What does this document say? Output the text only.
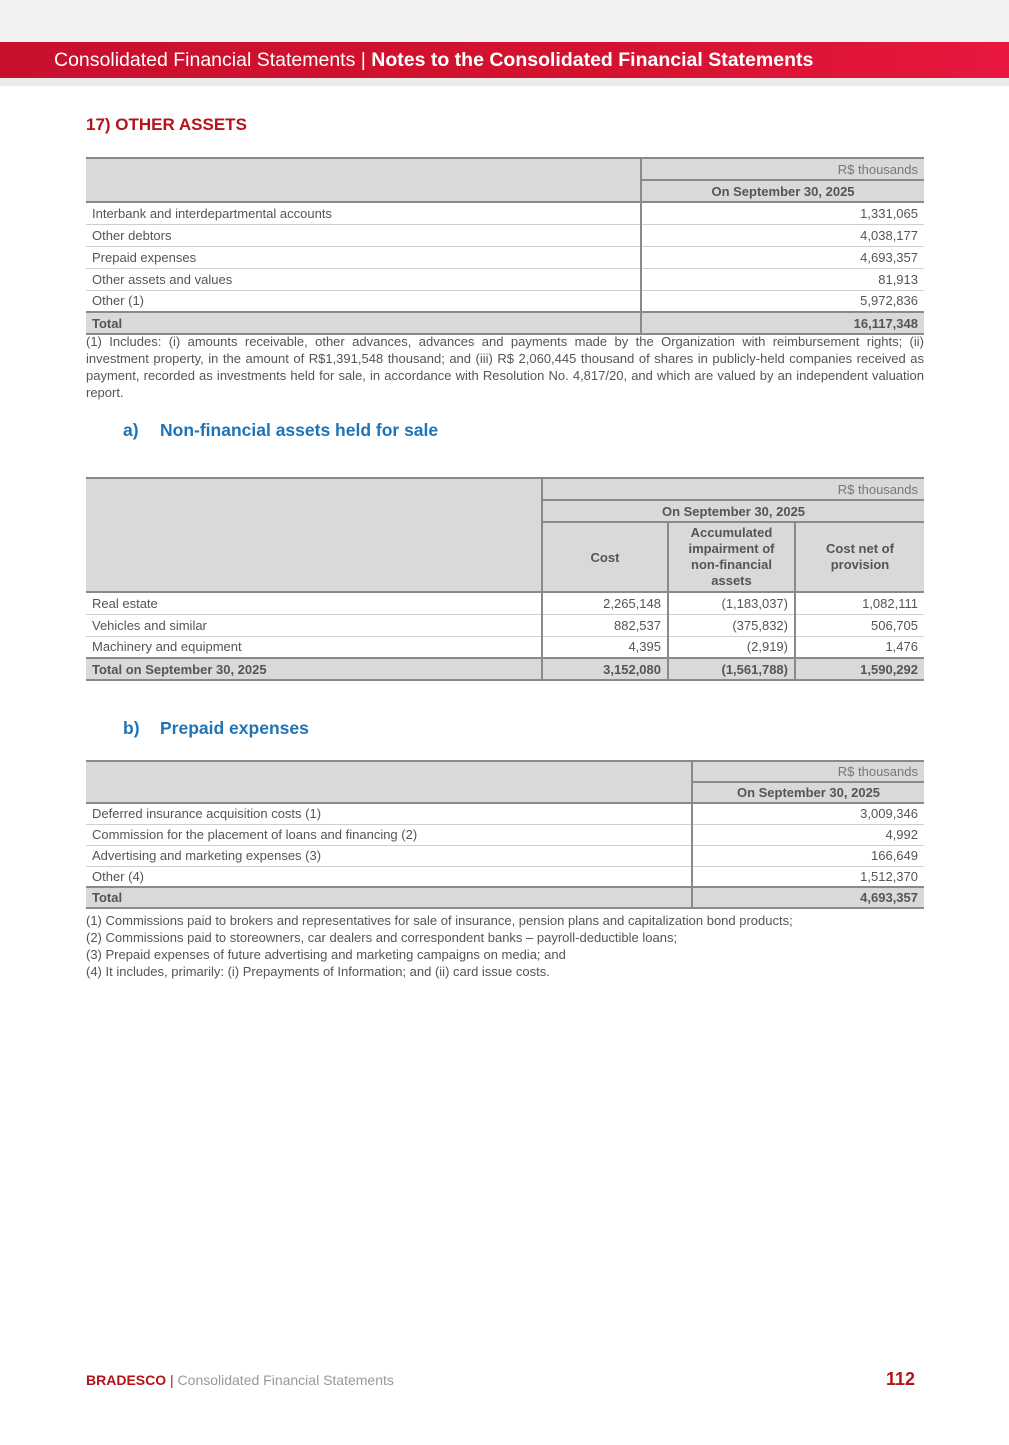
Consolidated Financial Statements | Notes to the Consolidated Financial Statements
17) OTHER ASSETS
	R$ thousands
	On September 30, 2025
Interbank and interdepartmental accounts	1,331,065
Other debtors	4,038,177
Prepaid expenses	4,693,357
Other assets and values	81,913
Other (1)	5,972,836
Total	16,117,348
(1) Includes: (i) amounts receivable, other advances, advances and payments made by the Organization with reimbursement rights; (ii) investment property, in the amount of R$1,391,548 thousand; and (iii) R$ 2,060,445 thousand of shares in publicly-held companies received as payment, recorded as investments held for sale, in accordance with Resolution No. 4,817/20, and which are valued by an independent valuation report.
a) Non-financial assets held for sale
	R$ thousands		
	On September 30, 2025		
	Cost	Accumulated impairment of non-financial assets	Cost net of provision
Real estate	2,265,148	(1,183,037)	1,082,111
Vehicles and similar	882,537	(375,832)	506,705
Machinery and equipment	4,395	(2,919)	1,476
Total on September 30, 2025	3,152,080	(1,561,788)	1,590,292
b) Prepaid expenses
	R$ thousands
	On September 30, 2025
Deferred insurance acquisition costs (1)	3,009,346
Commission for the placement of loans and financing (2)	4,992
Advertising and marketing expenses (3)	166,649
Other (4)	1,512,370
Total	4,693,357
(1) Commissions paid to brokers and representatives for sale of insurance, pension plans and capitalization bond products;
(2) Commissions paid to storeowners, car dealers and correspondent banks – payroll-deductible loans;
(3) Prepaid expenses of future advertising and marketing campaigns on media; and
(4) It includes, primarily: (i) Prepayments of Information; and (ii) card issue costs.
BRADESCO | Consolidated Financial Statements	112
